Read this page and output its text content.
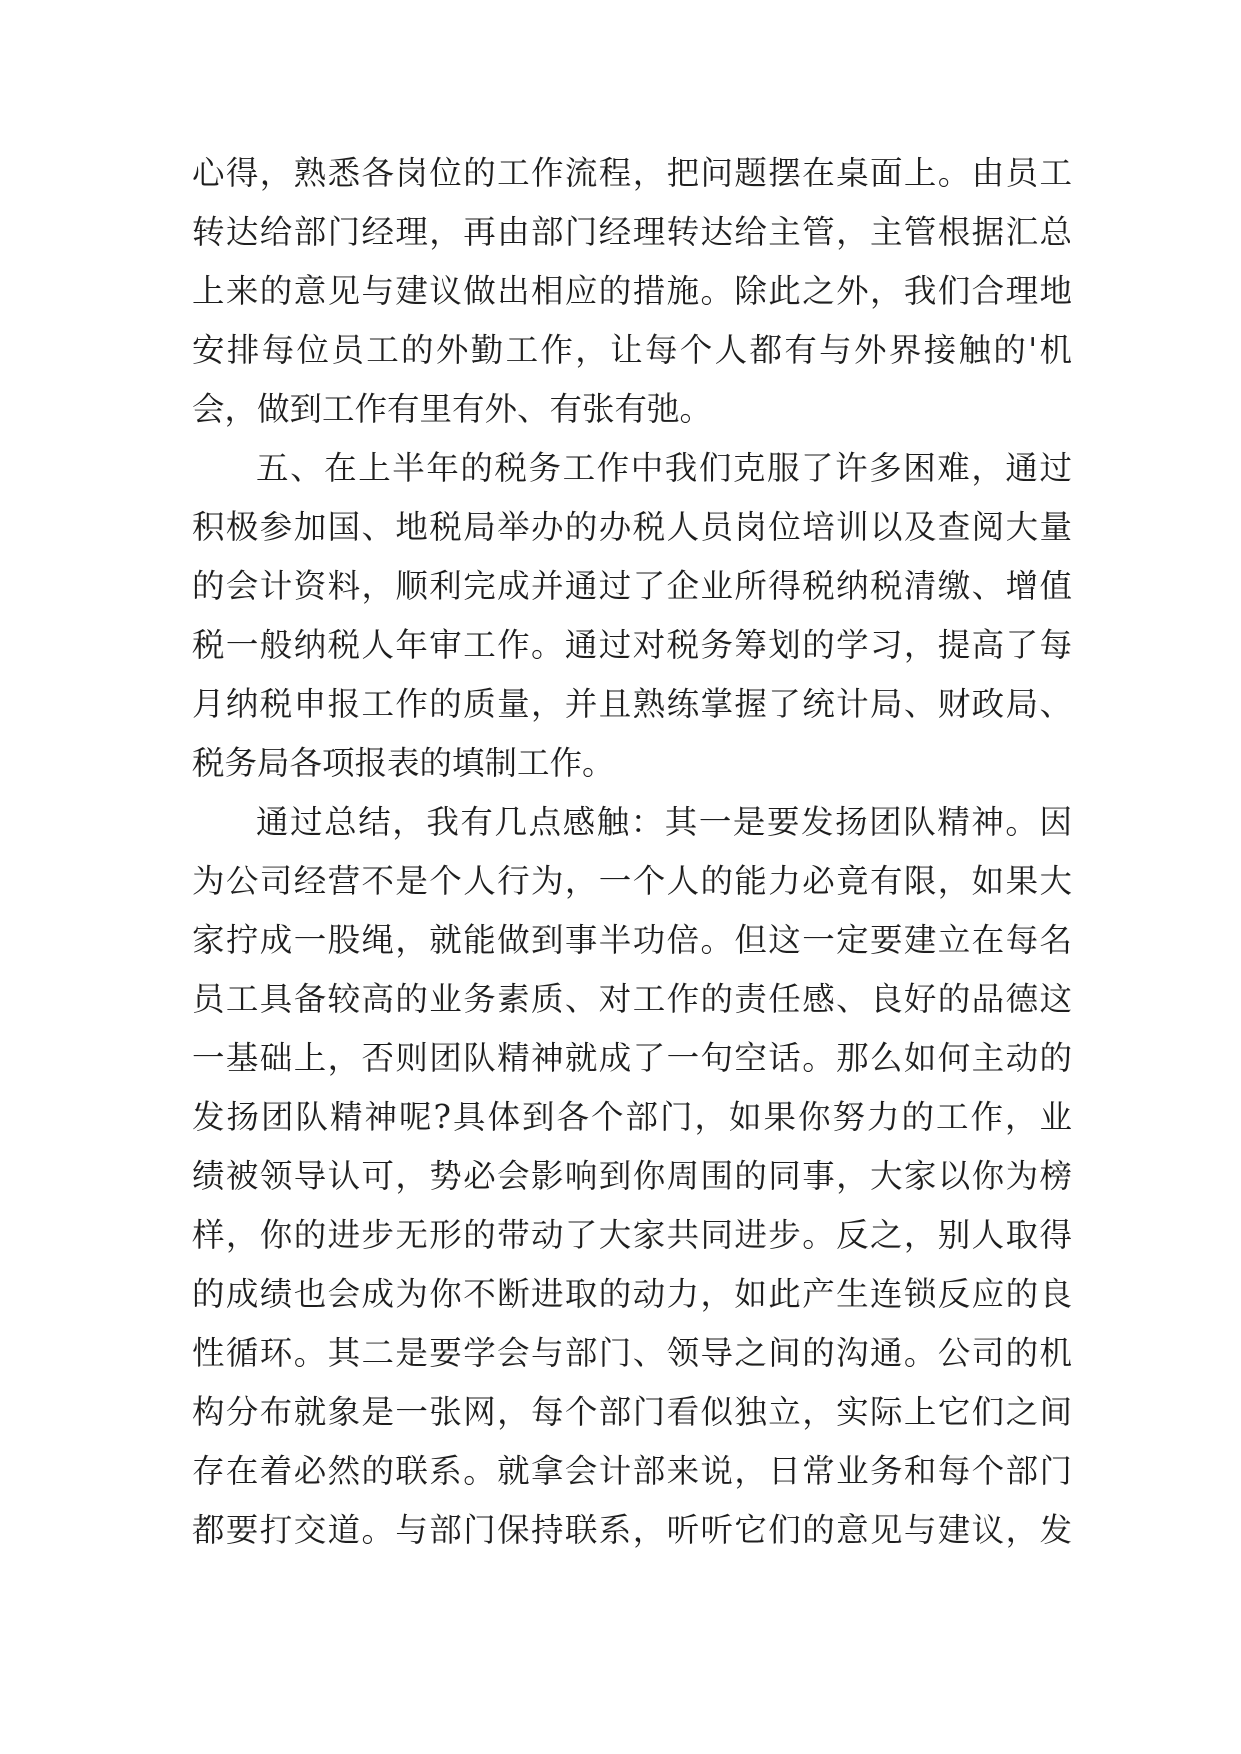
心得，熟悉各岗位的工作流程，把问题摆在桌面上。由员工
转达给部门经理，再由部门经理转达给主管，主管根据汇总
上来的意见与建议做出相应的措施。除此之外，我们合理地
安排每位员工的外勤工作，让每个人都有与外界接触的'机
会，做到工作有里有外、有张有弛。
五、在上半年的税务工作中我们克服了许多困难，通过
积极参加国、地税局举办的办税人员岗位培训以及查阅大量
的会计资料，顺利完成并通过了企业所得税纳税清缴、增值
税一般纳税人年审工作。通过对税务筹划的学习，提高了每
月纳税申报工作的质量，并且熟练掌握了统计局、财政局、
税务局各项报表的填制工作。
通过总结，我有几点感触：其一是要发扬团队精神。因
为公司经营不是个人行为，一个人的能力必竟有限，如果大
家拧成一股绳，就能做到事半功倍。但这一定要建立在每名
员工具备较高的业务素质、对工作的责任感、良好的品德这
一基础上，否则团队精神就成了一句空话。那么如何主动的
发扬团队精神呢?具体到各个部门，如果你努力的工作，业
绩被领导认可，势必会影响到你周围的同事，大家以你为榜
样，你的进步无形的带动了大家共同进步。反之，别人取得
的成绩也会成为你不断进取的动力，如此产生连锁反应的良
性循环。其二是要学会与部门、领导之间的沟通。公司的机
构分布就象是一张网，每个部门看似独立，实际上它们之间
存在着必然的联系。就拿会计部来说，日常业务和每个部门
都要打交道。与部门保持联系，听听它们的意见与建议，发
